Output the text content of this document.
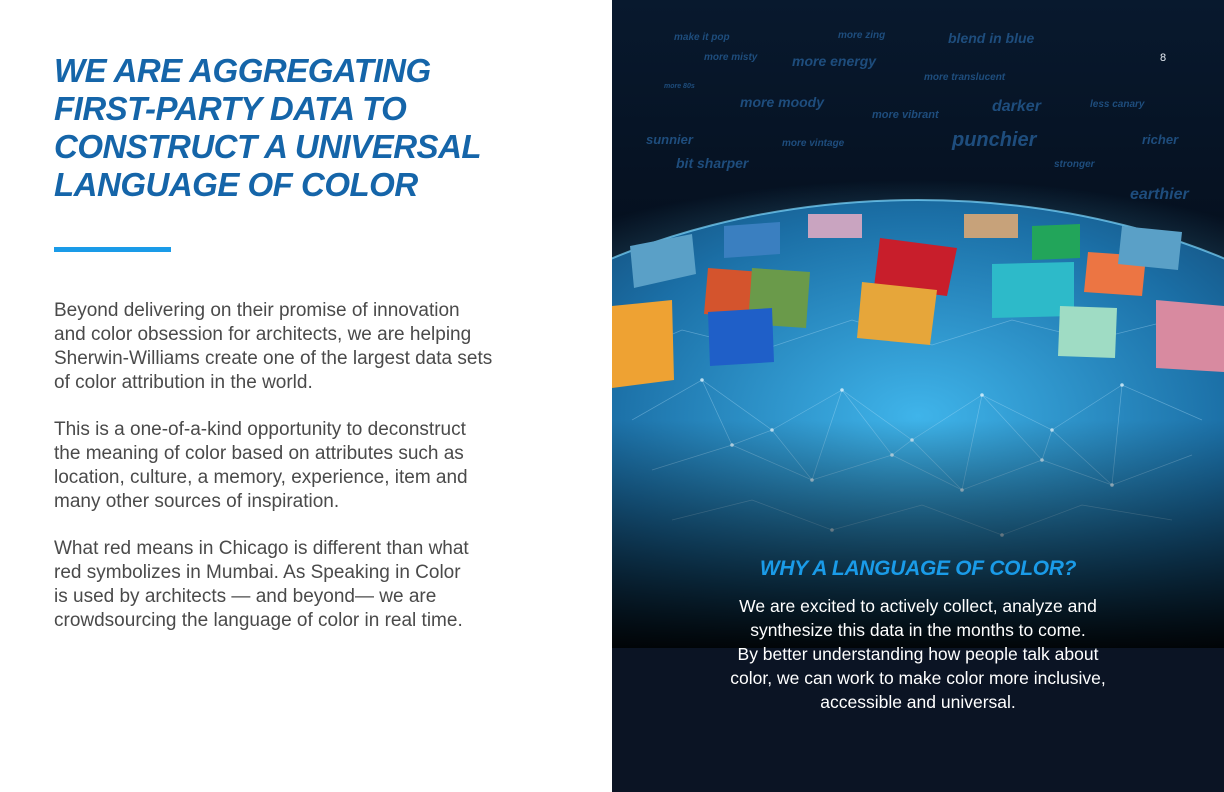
WE ARE AGGREGATING
FIRST-PARTY DATA TO
CONSTRUCT A UNIVERSAL
LANGUAGE OF COLOR

Beyond delivering on their promise of innovation
and color obsession for architects, we are helping
Sherwin-Williams create one of the largest data sets
of color attribution in the world.

This is a one-of-a-kind opportunity to deconstruct
the meaning of color based on attributes such as
location, culture, a memory, experience, item and
many other sources of inspiration.

What red means in Chicago is different than what
red symbolizes in Mumbai. As Speaking in Color
is used by architects — and beyond— we are
crowdsourcing the language of color in real time.

make it pop	more zing	blend in blue
more misty more energy
more translucent
more 80s
more moody
more vibrant	darker	less canary
sunnier	more vintage	punchier	richer
bit sharper	stronger
earthier
8
WHY A LANGUAGE OF COLOR?

We are excited to actively collect, analyze and
synthesize this data in the months to come.
By better understanding how people talk about
color, we can work to make color more inclusive,
accessible and universal.
